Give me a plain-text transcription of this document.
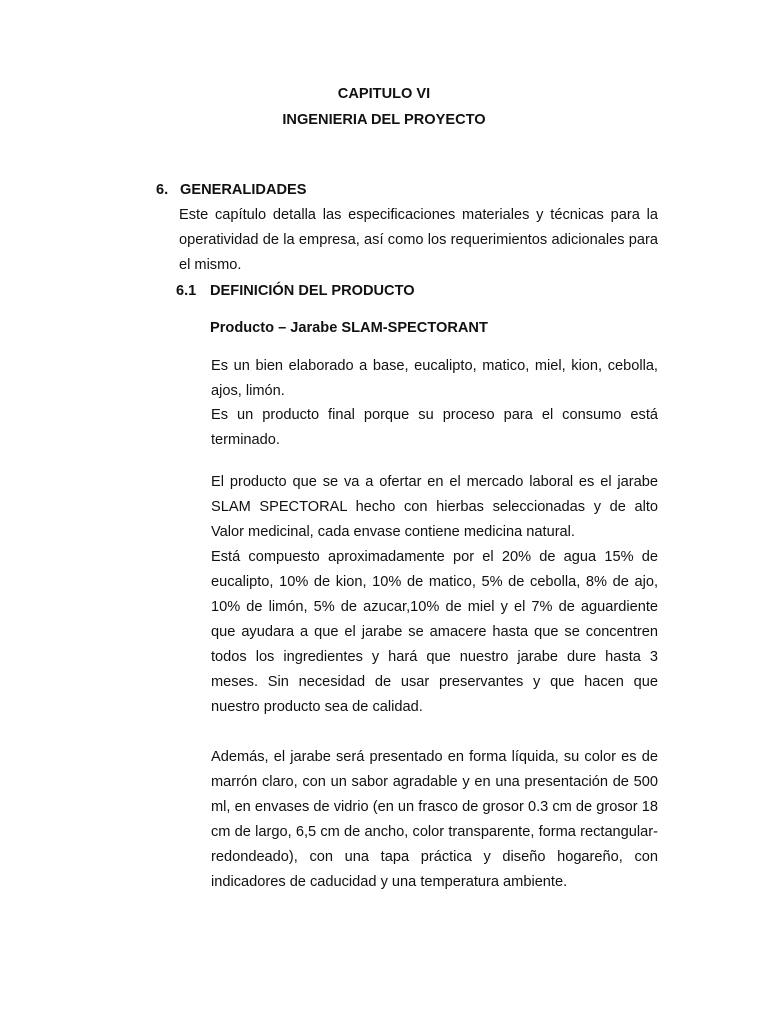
CAPITULO VI
INGENIERIA DEL PROYECTO
6. GENERALIDADES
Este capítulo detalla las especificaciones materiales y técnicas para la operatividad de la empresa, así como los requerimientos adicionales para el mismo.
6.1 DEFINICIÓN DEL PRODUCTO
Producto – Jarabe SLAM-SPECTORANT
Es un bien elaborado a base, eucalipto, matico, miel, kion, cebolla, ajos, limón.
Es un producto final porque su proceso para el consumo está terminado.

El producto que se va a ofertar en el mercado laboral es el jarabe SLAM SPECTORAL hecho con hierbas seleccionadas y de alto Valor medicinal, cada envase contiene medicina natural.

Está compuesto aproximadamente por el 20% de agua 15% de eucalipto, 10% de kion, 10% de matico, 5% de cebolla, 8% de ajo, 10% de limón, 5% de azucar,10% de miel y el 7% de aguardiente que ayudara a que el jarabe se amacere hasta que se concentren todos los ingredientes y hará que nuestro jarabe dure hasta 3 meses. Sin necesidad de usar preservantes y que hacen que nuestro producto sea de calidad.

Además, el jarabe será presentado en forma líquida, su color es de marrón claro, con un sabor agradable y en una presentación de 500 ml, en envases de vidrio (en un frasco de grosor 0.3 cm de grosor 18 cm de largo, 6,5 cm de ancho, color transparente, forma rectangular-redondeado), con una tapa práctica y diseño hogareño, con indicadores de caducidad y una temperatura ambiente.
